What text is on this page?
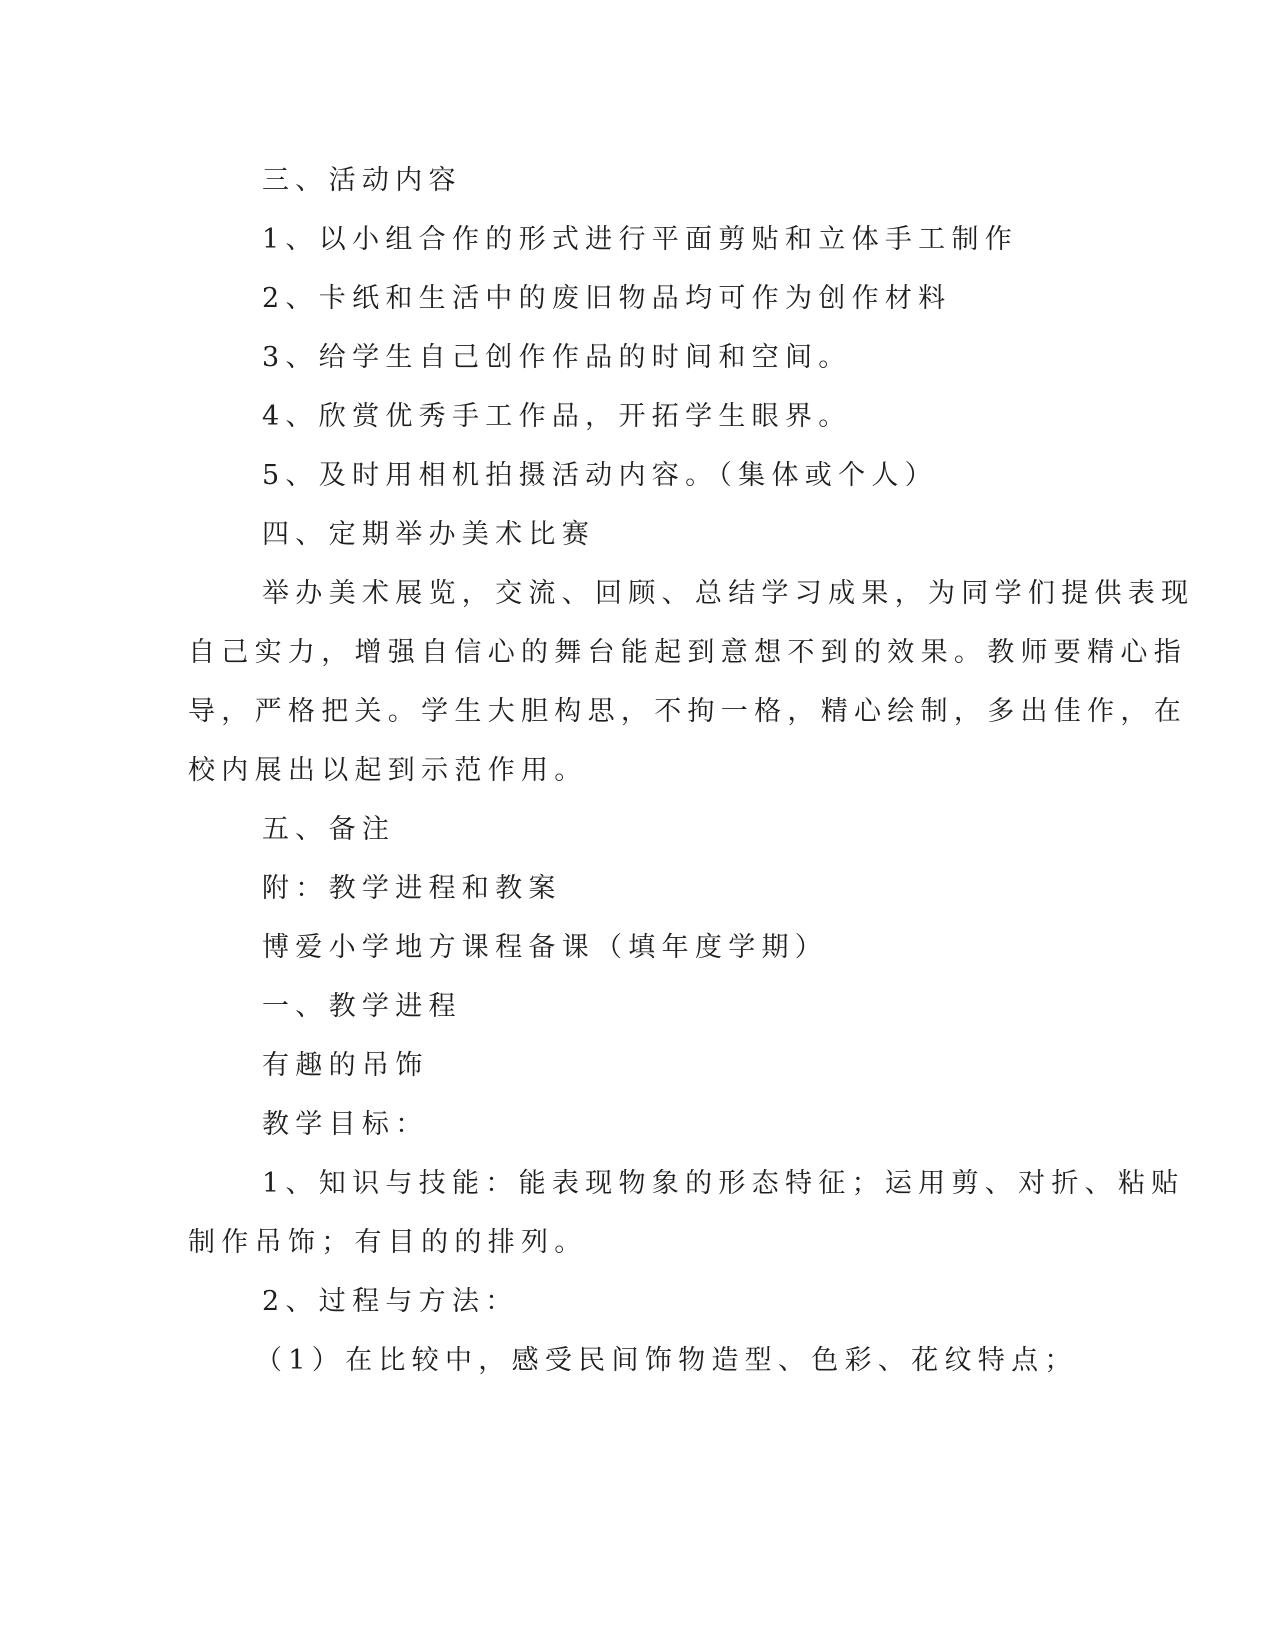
三、活动内容
1、以小组合作的形式进行平面剪贴和立体手工制作
2、卡纸和生活中的废旧物品均可作为创作材料
3、给学生自己创作作品的时间和空间。
4、欣赏优秀手工作品，开拓学生眼界。
5、及时用相机拍摄活动内容。（集体或个人）
四、定期举办美术比赛
举办美术展览，交流、回顾、总结学习成果，为同学们提供表现
自己实力，增强自信心的舞台能起到意想不到的效果。教师要精心指
导，严格把关。学生大胆构思，不拘一格，精心绘制，多出佳作，在
校内展出以起到示范作用。
五、备注
附：教学进程和教案
博爱小学地方课程备课（填年度学期）
一、教学进程
有趣的吊饰
教学目标：
1、知识与技能：能表现物象的形态特征；运用剪、对折、粘贴
制作吊饰；有目的的排列。
2、过程与方法：
（1）在比较中，感受民间饰物造型、色彩、花纹特点；
